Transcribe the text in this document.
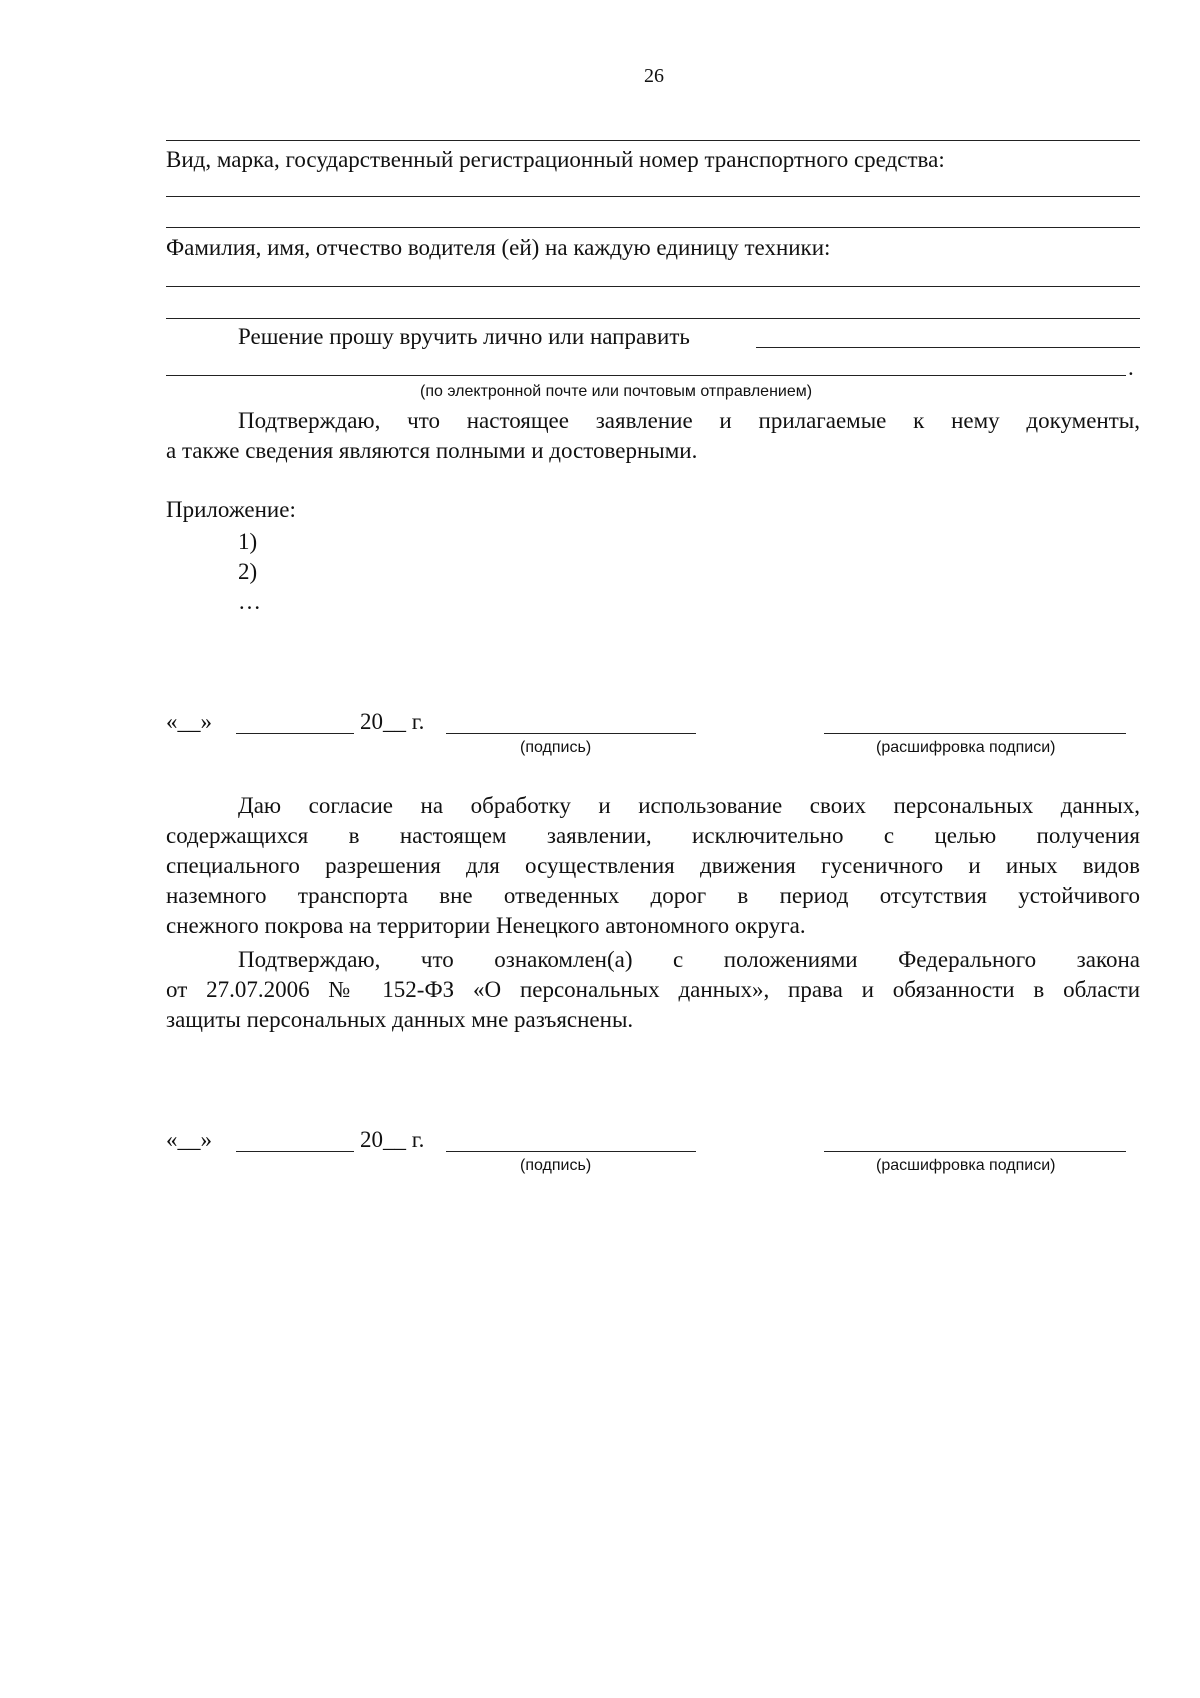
26
Вид, марка, государственный регистрационный номер транспортного средства:
Фамилия, имя, отчество водителя (ей) на каждую единицу техники:
Решение прошу вручить лично или направить
.
(по электронной почте или почтовым отправлением)
Подтверждаю, что настоящее заявление и прилагаемые к нему документы,
а также сведения являются полными и достоверными.
Приложение:
1)
2)
…
«__»	20__ г.
(подпись)	(расшифровка подписи)
Даю согласие на обработку и использование своих персональных данных,
содержащихся в настоящем заявлении, исключительно с целью получения
специального разрешения для осуществления движения гусеничного и иных видов
наземного транспорта вне отведенных дорог в период отсутствия устойчивого
снежного покрова на территории Ненецкого автономного округа.
Подтверждаю, что ознакомлен(а) с положениями Федерального закона
от 27.07.2006 № 152-ФЗ «О персональных данных», права и обязанности в области
защиты персональных данных мне разъяснены.
«__»	20__ г.
(подпись)	(расшифровка подписи)
